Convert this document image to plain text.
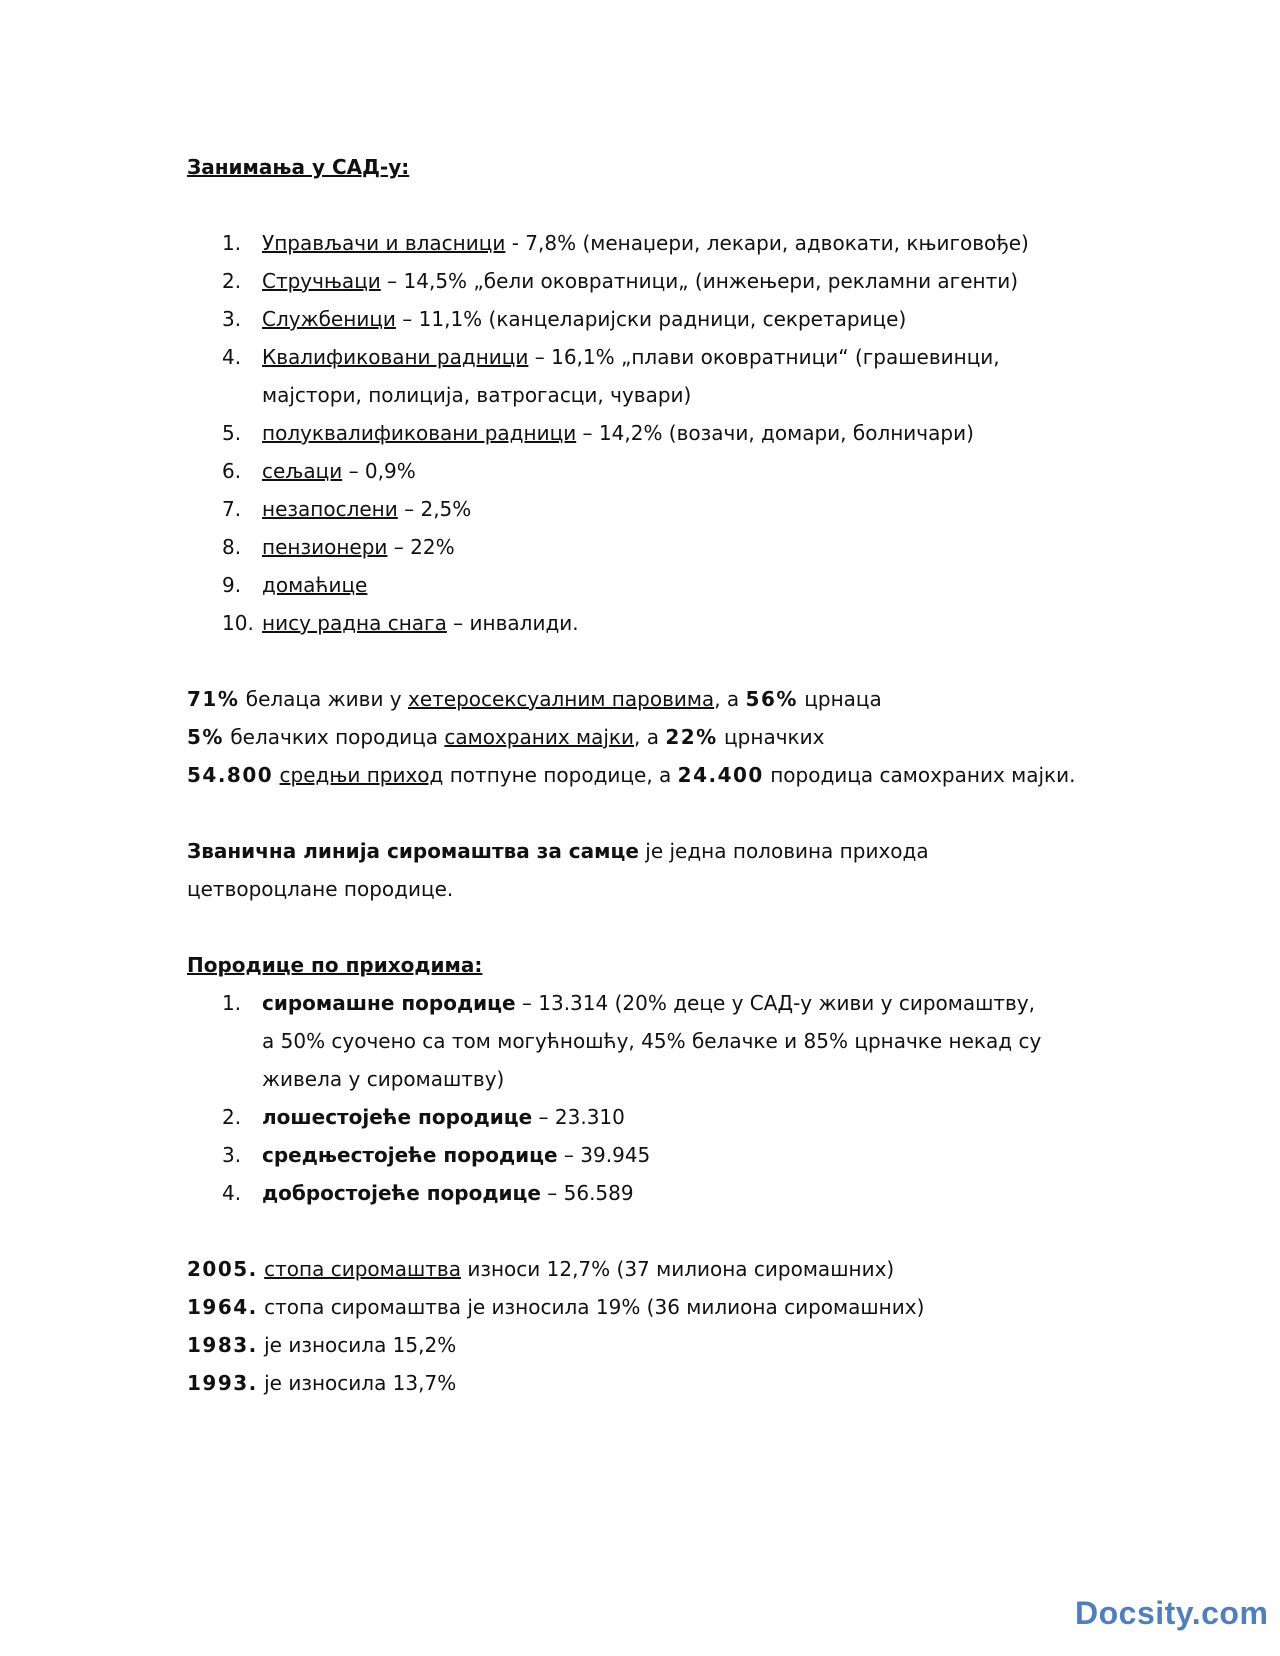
Занимања у САД-у:
1.	Управљачи и власници - 7,8% (менаџери, лекари, адвокати, књиговође)
2.	Стручњаци – 14,5% „бели оковратници„ (инжењери, рекламни агенти)
3.	Службеници – 11,1% (канцеларијски радници, секретарице)
4.	Квалификовани радници – 16,1% „плави оковратници“ (грашевинци,
мајстори, полиција, ватрогасци, чувари)
5.	полуквалификовани радници – 14,2% (возачи, домари, болничари)
6.	сељаци – 0,9%
7.	незапослени – 2,5%
8.	пензионери – 22%
9.	домаћице
10. нису радна снага – инвалиди.
71% белаца живи у хетеросексуалним паровима, а 56% црнаца
5% белачких породица самохраних мајки, а 22% црначких
54.800 средњи приход потпуне породице, а 24.400 породица самохраних мајки.
Званична линија сиромаштва за самце је једна половина прихода
цетвороцлане породице.
Породице по приходима:
1.	сиромашне породице – 13.314 (20% деце у САД-у живи у сиромаштву,
а 50% суочено са том могућношћу, 45% белачке и 85% црначке некад су
живела у сиромаштву)
2.	лошестојеће породице – 23.310
3.	средњестојеће породице – 39.945
4.	добростојеће породице – 56.589
2005. стопа сиромаштва износи 12,7% (37 милиона сиромашних)
1964. стопа сиромаштва је износила 19% (36 милиона сиромашних)
1983. је износила 15,2%
1993. је износила 13,7%
Docsity.com
